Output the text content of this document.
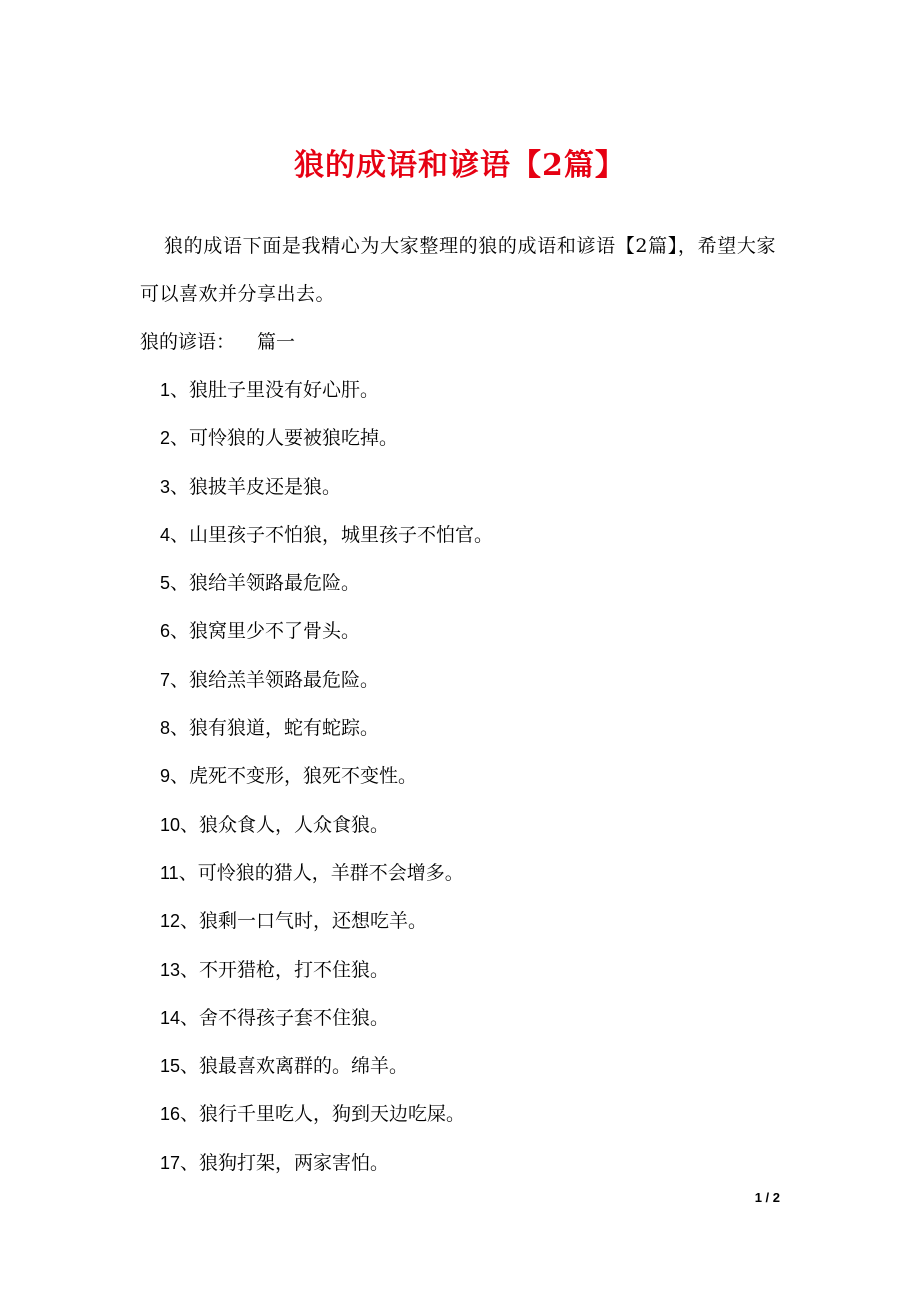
狼的成语和谚语【2篇】

狼的成语下面是我精心为大家整理的狼的成语和谚语【2篇】，希望大家可以喜欢并分享出去。

狼的谚语： 篇一
1、狼肚子里没有好心肝。
2、可怜狼的人要被狼吃掉。
3、狼披羊皮还是狼。
4、山里孩子不怕狼，城里孩子不怕官。
5、狼给羊领路最危险。
6、狼窝里少不了骨头。
7、狼给羔羊领路最危险。
8、狼有狼道，蛇有蛇踪。
9、虎死不变形，狼死不变性。
10、狼众食人，人众食狼。
11、可怜狼的猎人，羊群不会增多。
12、狼剩一口气时，还想吃羊。
13、不开猎枪，打不住狼。
14、舍不得孩子套不住狼。
15、狼最喜欢离群的。绵羊。
16、狼行千里吃人，狗到天边吃屎。
17、狼狗打架，两家害怕。
1 / 2
